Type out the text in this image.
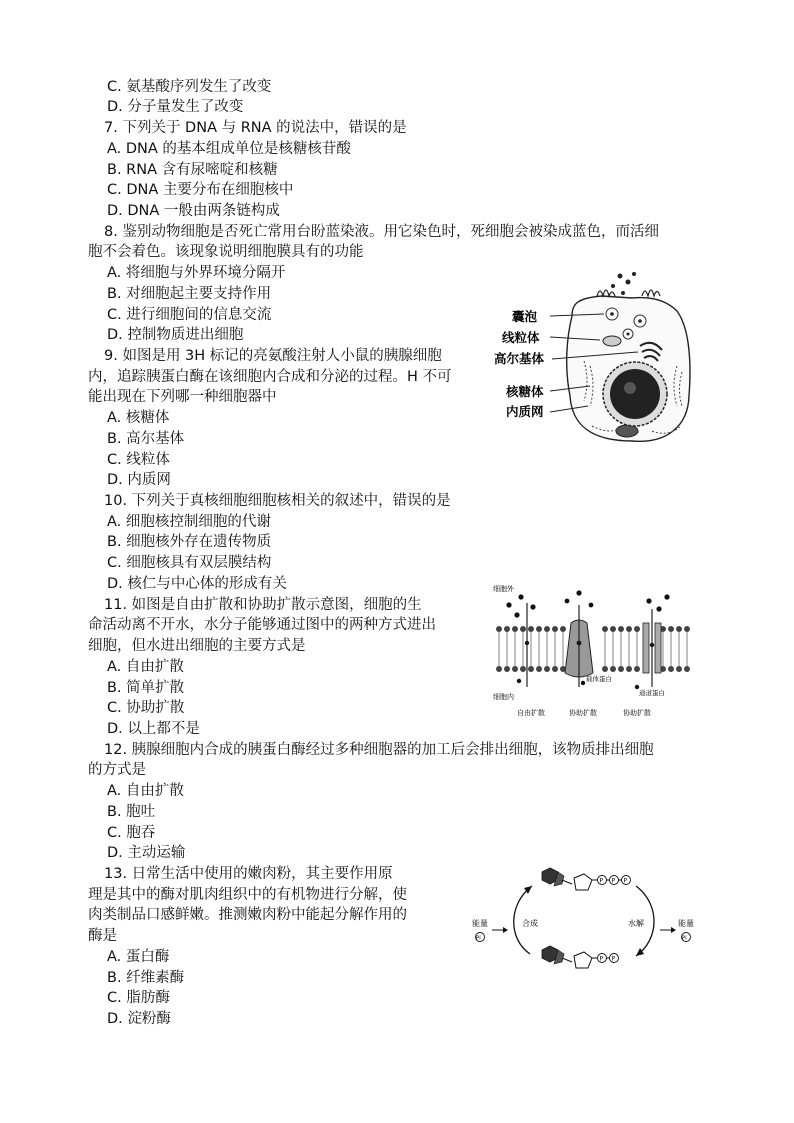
C. 氨基酸序列发生了改变
D. 分子量发生了改变
7. 下列关于 DNA 与 RNA 的说法中，错误的是
A. DNA 的基本组成单位是核糖核苷酸
B. RNA 含有尿嘧啶和核糖
C. DNA 主要分布在细胞核中
D. DNA 一般由两条链构成
8. 鉴别动物细胞是否死亡常用台盼蓝染液。用它染色时，死细胞会被染成蓝色，而活细
胞不会着色。该现象说明细胞膜具有的功能
A. 将细胞与外界环境分隔开
B. 对细胞起主要支持作用
C. 进行细胞间的信息交流
D. 控制物质进出细胞
9. 如图是用 3H 标记的亮氨酸注射人小鼠的胰腺细胞
内，追踪胰蛋白酶在该细胞内合成和分泌的过程。H 不可
能出现在下列哪一种细胞器中
A. 核糖体
B. 高尔基体
C. 线粒体
D. 内质网
10. 下列关于真核细胞细胞核相关的叙述中，错误的是
A. 细胞核控制细胞的代谢
B. 细胞核外存在遗传物质
C. 细胞核具有双层膜结构
D. 核仁与中心体的形成有关
11. 如图是自由扩散和协助扩散示意图，细胞的生
命活动离不开水，水分子能够通过图中的两种方式进出
细胞，但水进出细胞的主要方式是
A. 自由扩散
B. 简单扩散
C. 协助扩散
D. 以上都不是
12. 胰腺细胞内合成的胰蛋白酶经过多种细胞器的加工后会排出细胞，该物质排出细胞
的方式是
A. 自由扩散
B. 胞吐
C. 胞吞
D. 主动运输
13. 日常生活中使用的嫩肉粉，其主要作用原
理是其中的酶对肌肉组织中的有机物进行分解，使
肉类制品口感鲜嫩。推测嫩肉粉中能起分解作用的
酶是
A. 蛋白酶
B. 纤维素酶
C. 脂肪酶
D. 淀粉酶
囊泡
线粒体
高尔基体
核糖体
内质网
细胞外
细胞内
载体蛋白
通道蛋白
自由扩散	协助扩散	协助扩散
P P P
P P
合成	水解
能量
Pi
能量
Pi
